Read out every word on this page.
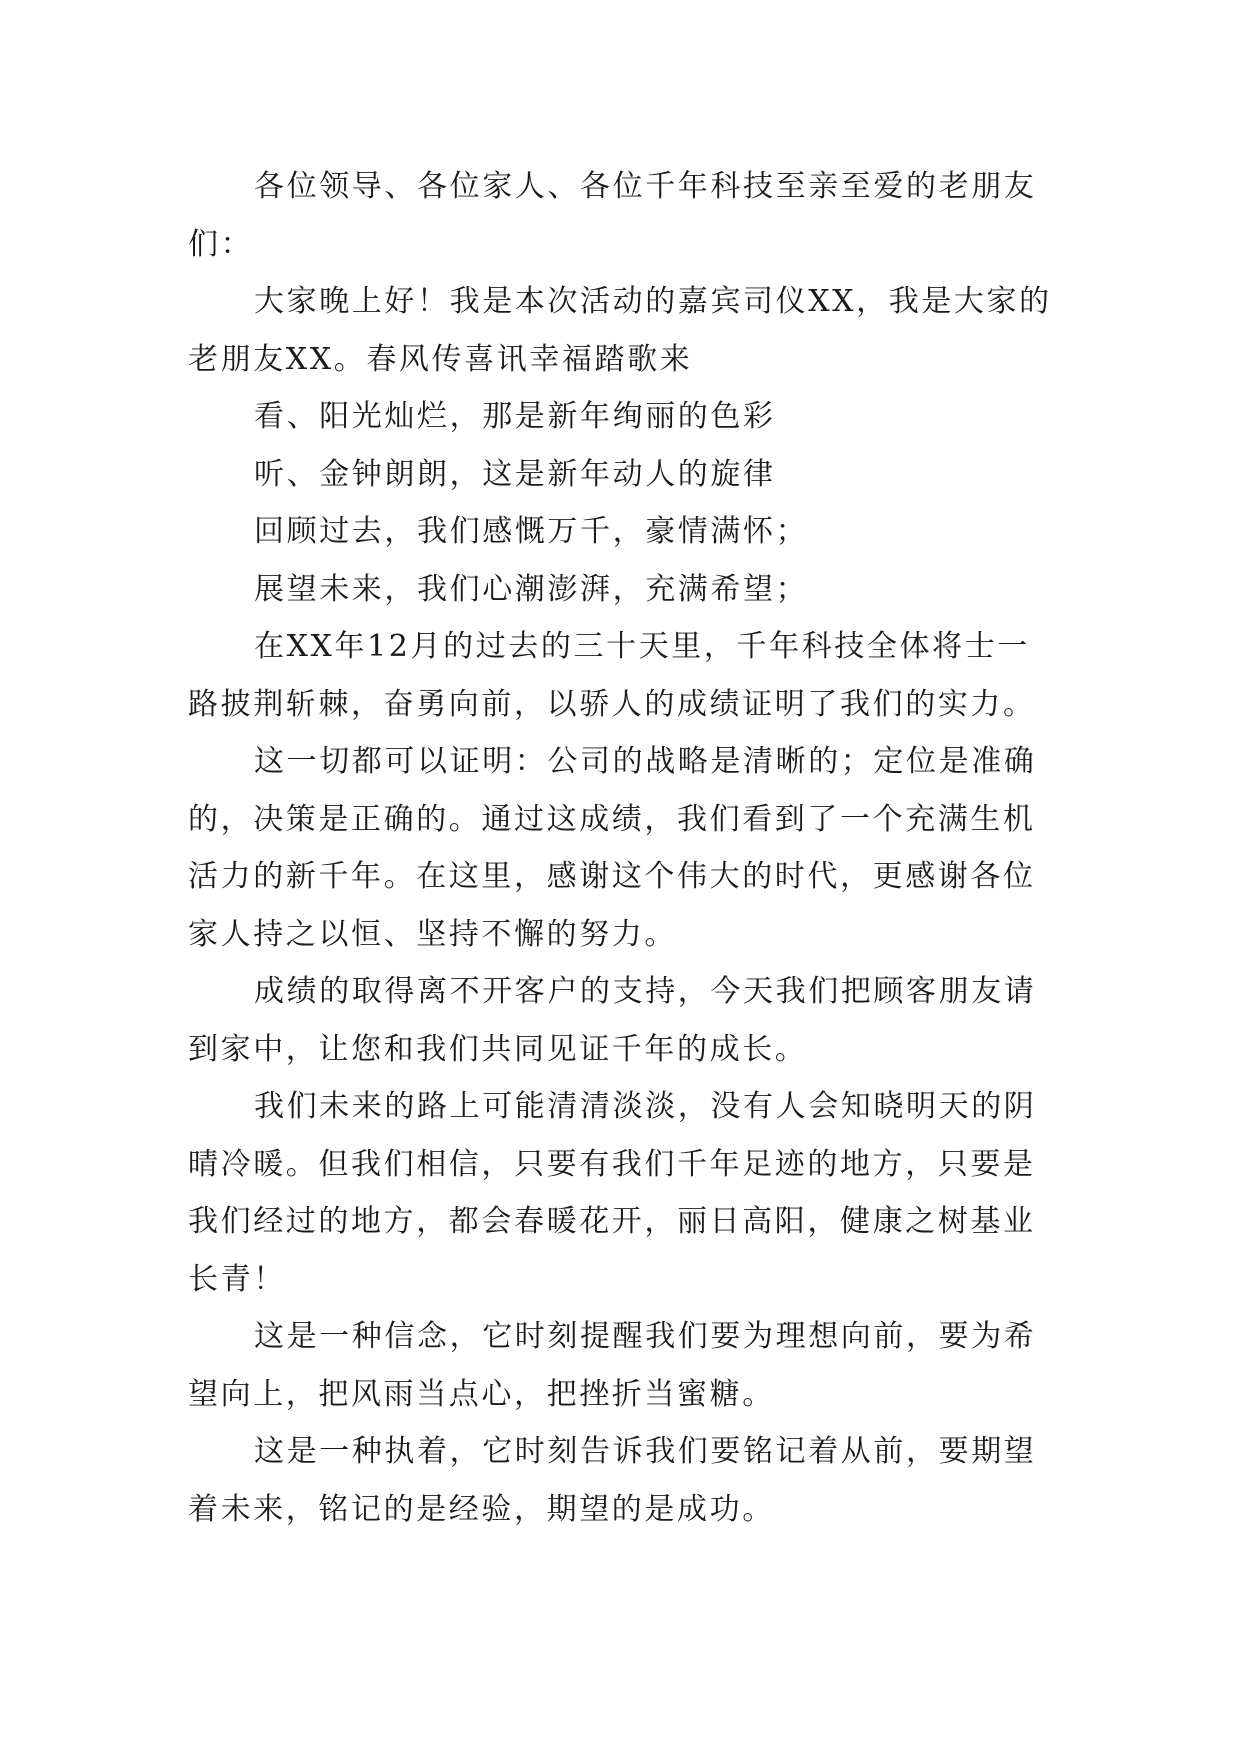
各位领导、各位家人、各位千年科技至亲至爱的老朋友们：

大家晚上好！我是本次活动的嘉宾司仪XX，我是大家的老朋友XX。春风传喜讯幸福踏歌来

看、阳光灿烂，那是新年绚丽的色彩

听、金钟朗朗，这是新年动人的旋律

回顾过去，我们感慨万千，豪情满怀；

展望未来，我们心潮澎湃，充满希望；

在XX年12月的过去的三十天里，千年科技全体将士一路披荆斩棘，奋勇向前，以骄人的成绩证明了我们的实力。

这一切都可以证明：公司的战略是清晰的；定位是准确的，决策是正确的。通过这成绩，我们看到了一个充满生机活力的新千年。在这里，感谢这个伟大的时代，更感谢各位家人持之以恒、坚持不懈的努力。

成绩的取得离不开客户的支持，今天我们把顾客朋友请到家中，让您和我们共同见证千年的成长。

我们未来的路上可能清清淡淡，没有人会知晓明天的阴晴冷暖。但我们相信，只要有我们千年足迹的地方，只要是我们经过的地方，都会春暖花开，丽日高阳，健康之树基业长青！

这是一种信念，它时刻提醒我们要为理想向前，要为希望向上，把风雨当点心，把挫折当蜜糖。

这是一种执着，它时刻告诉我们要铭记着从前，要期望着未来，铭记的是经验，期望的是成功。
